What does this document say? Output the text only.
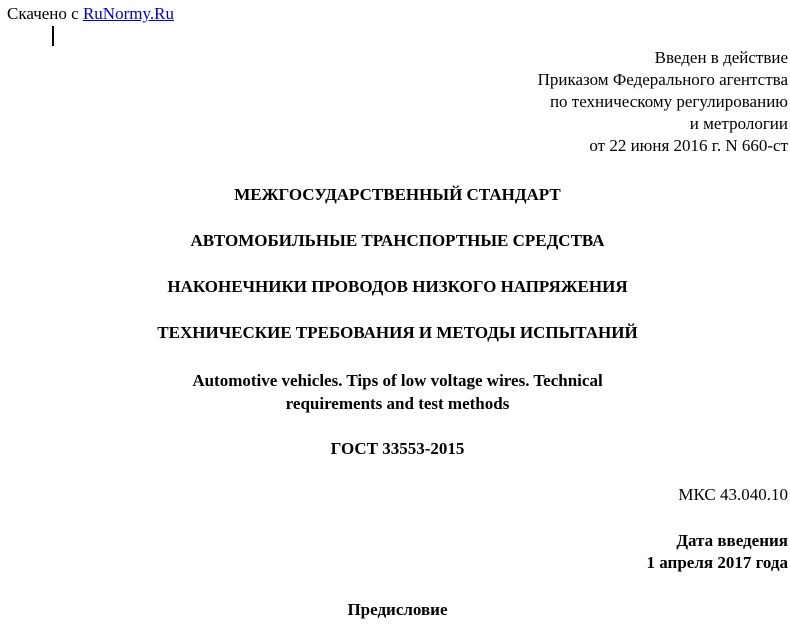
Скачено с RuNormy.Ru
Введен в действие
Приказом Федерального агентства
по техническому регулированию
и метрологии
от 22 июня 2016 г. N 660-ст
МЕЖГОСУДАРСТВЕННЫЙ СТАНДАРТ
АВТОМОБИЛЬНЫЕ ТРАНСПОРТНЫЕ СРЕДСТВА
НАКОНЕЧНИКИ ПРОВОДОВ НИЗКОГО НАПРЯЖЕНИЯ
ТЕХНИЧЕСКИЕ ТРЕБОВАНИЯ И МЕТОДЫ ИСПЫТАНИЙ
Automotive vehicles. Tips of low voltage wires. Technical
requirements and test methods
ГОСТ 33553-2015
МКС 43.040.10
Дата введения
1 апреля 2017 года
Предисловие
